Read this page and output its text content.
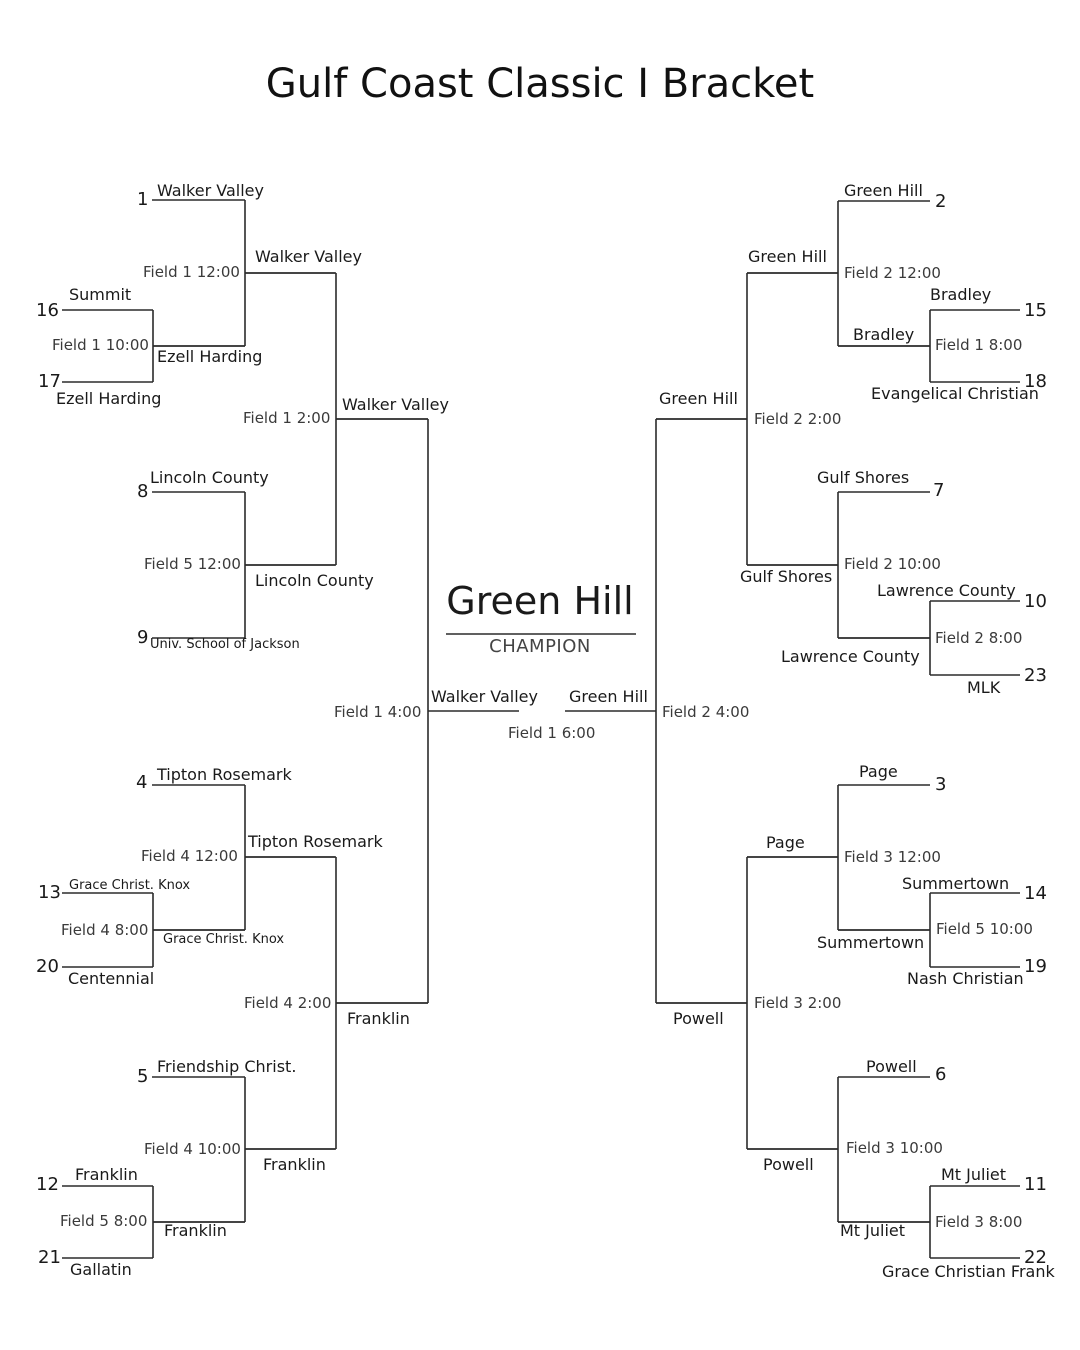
Gulf Coast Classic I Bracket
Green Hill
CHAMPION
Field 1 6:00
1
16
17
8
9
4
13
20
5
12
21
2
15
18
7
10
23
3
14
19
6
11
22
Summit
Ezell Harding
Field 1 10:00
Grace Christ. Knox
Centennial
Field 4 8:00
Franklin
Gallatin
Field 5 8:00
Walker Valley
Ezell Harding
Field 1 12:00
Lincoln County
Univ. School of Jackson
Field 5 12:00
Tipton Rosemark
Grace Christ. Knox
Field 4 12:00
Friendship Christ.
Franklin
Field 4 10:00
Walker Valley
Lincoln County
Field 1 2:00
Tipton Rosemark
Franklin
Field 4 2:00
Walker Valley
Franklin
Field 1 4:00
Walker Valley
Bradley
Evangelical Christian
Field 1 8:00
Lawrence County
MLK
Field 2 8:00
Summertown
Nash Christian
Field 5 10:00
Mt Juliet
Grace Christian Frank
Field 3 8:00
Green Hill
Bradley
Field 2 12:00
Gulf Shores
Lawrence County
Field 2 10:00
Page
Summertown
Field 3 12:00
Powell
Mt Juliet
Field 3 10:00
Green Hill
Gulf Shores
Field 2 2:00
Page
Powell
Field 3 2:00
Green Hill
Powell
Field 2 4:00
Green Hill
